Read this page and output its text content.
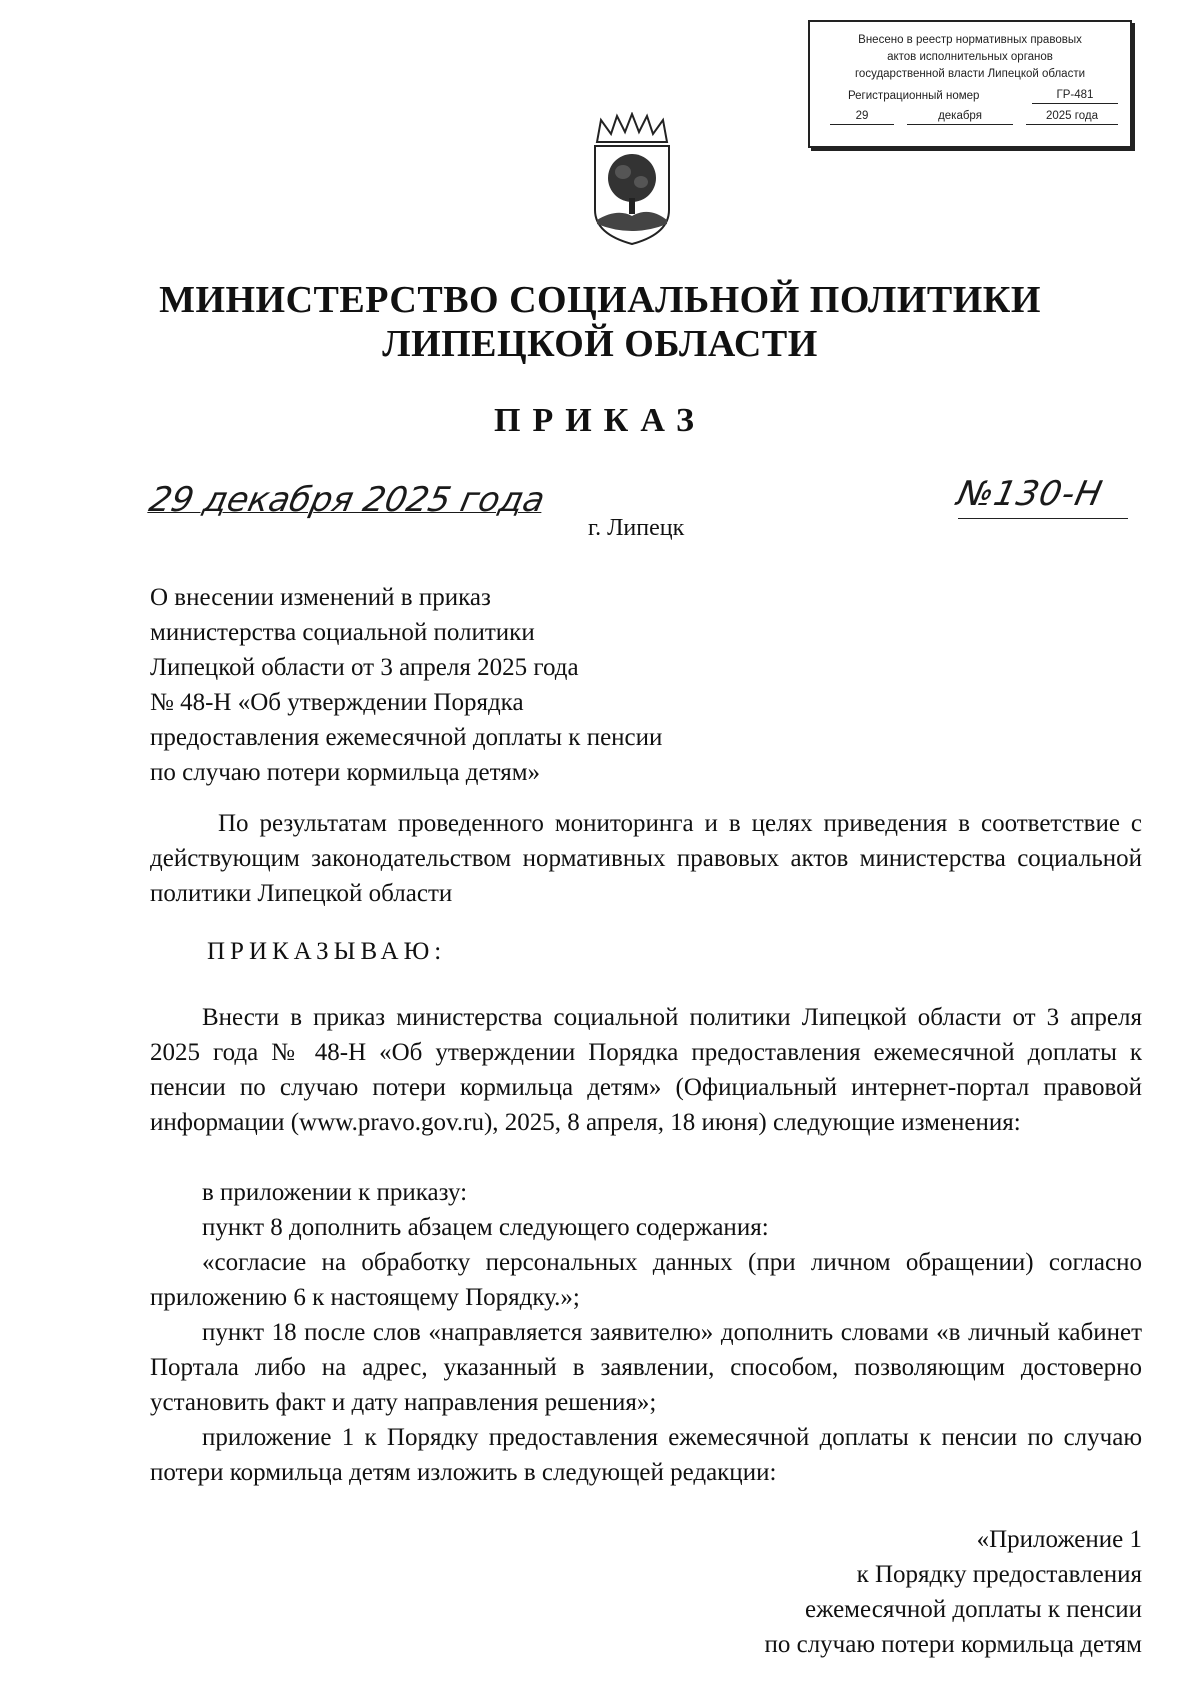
Внесено в реестр нормативных правовых
актов исполнительных органов
государственной власти Липецкой области
Регистрационный номер	ГР-481
29	декабря	2025 года
МИНИСТЕРСТВО СОЦИАЛЬНОЙ ПОЛИТИКИ
ЛИПЕЦКОЙ ОБЛАСТИ
ПРИКАЗ
29 декабря 2025 года	№130-Н
г. Липецк
О внесении изменений в приказ
министерства социальной политики
Липецкой области от 3 апреля 2025 года
№ 48-Н «Об утверждении Порядка
предоставления ежемесячной доплаты к пенсии
по случаю потери кормильца детям»
По результатам проведенного мониторинга и в целях приведения в соответствие с действующим законодательством нормативных правовых актов министерства социальной политики Липецкой области
ПРИКАЗЫВАЮ:
Внести в приказ министерства социальной политики Липецкой области от 3 апреля 2025 года № 48-Н «Об утверждении Порядка предоставления ежемесячной доплаты к пенсии по случаю потери кормильца детям» (Официальный интернет-портал правовой информации (www.pravo.gov.ru), 2025, 8 апреля, 18 июня) следующие изменения:
в приложении к приказу:
пункт 8 дополнить абзацем следующего содержания:
«согласие на обработку персональных данных (при личном обращении) согласно приложению 6 к настоящему Порядку.»;
пункт 18 после слов «направляется заявителю» дополнить словами «в личный кабинет Портала либо на адрес, указанный в заявлении, способом, позволяющим достоверно установить факт и дату направления решения»;
приложение 1 к Порядку предоставления ежемесячной доплаты к пенсии по случаю потери кормильца детям изложить в следующей редакции:
«Приложение 1
к Порядку предоставления
ежемесячной доплаты к пенсии
по случаю потери кормильца детям
